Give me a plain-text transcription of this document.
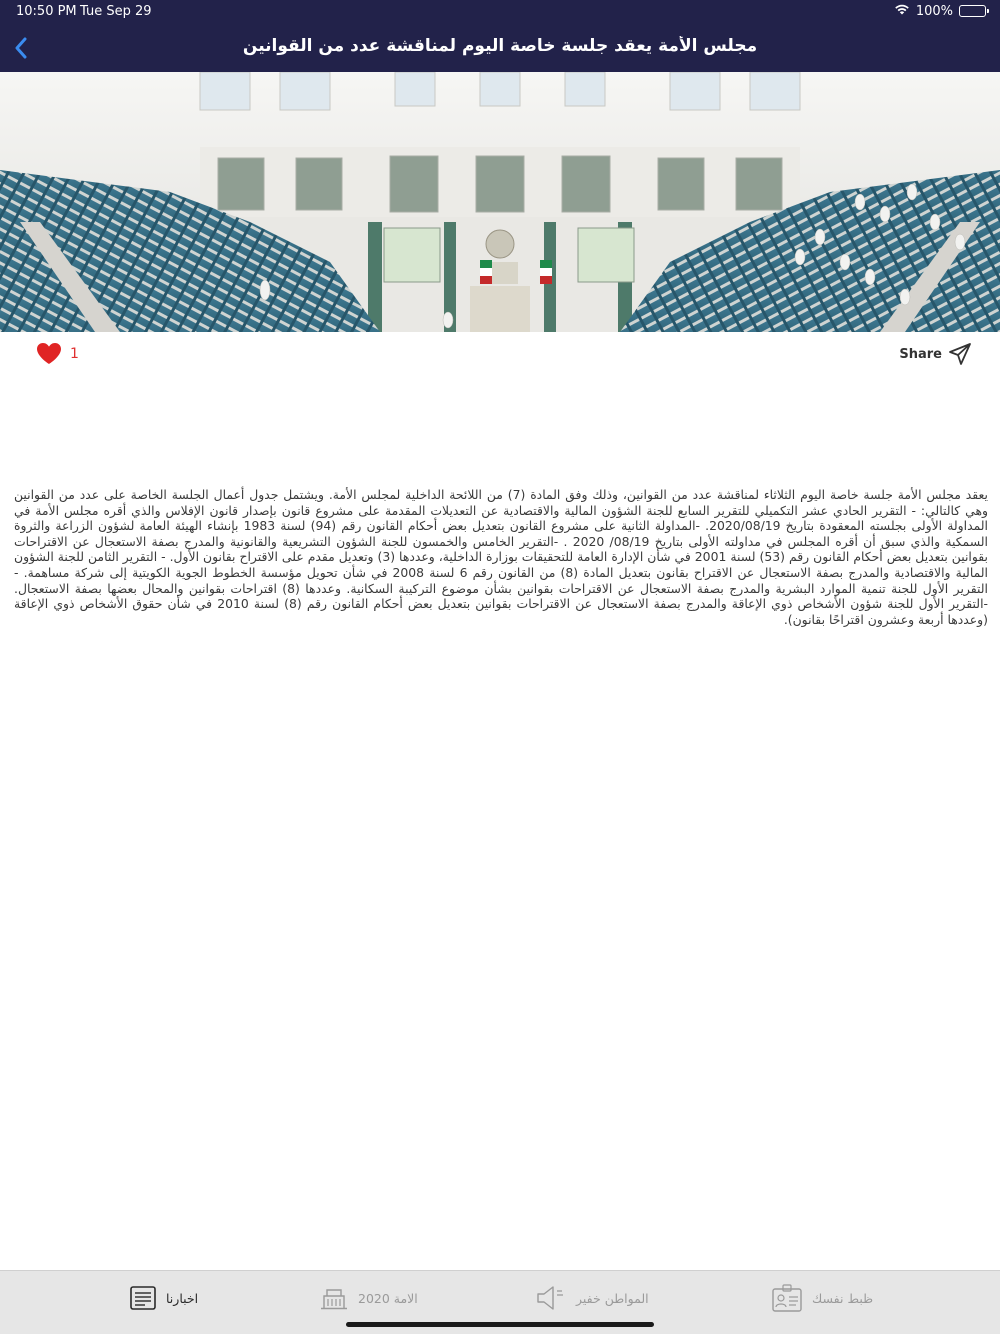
10:50 PM Tue Sep 29	100%
مجلس الأمة يعقد جلسة خاصة اليوم لمناقشة عدد من القوانين
1	Share
يعقد مجلس الأمة جلسة خاصة اليوم الثلاثاء لمناقشة عدد من القوانين، وذلك وفق المادة (7) من اللائحة الداخلية لمجلس الأمة. ويشتمل جدول أعمال الجلسة الخاصة على عدد من القوانين وهي كالتالي: - التقرير الحادي عشر التكميلي للتقرير السابع للجنة الشؤون المالية والاقتصادية عن التعديلات المقدمة على مشروع قانون بإصدار قانون الإفلاس والذي أقره مجلس الأمة في المداولة الأولى بجلسته المعقودة بتاريخ 2020/08/19. -المداولة الثانية على مشروع القانون بتعديل بعض أحكام القانون رقم (94) لسنة 1983 بإنشاء الهيئة العامة لشؤون الزراعة والثروة السمكية والذي سبق أن أقره المجلس في مداولته الأولى بتاريخ 08/19/ 2020 . -التقرير الخامس والخمسون للجنة الشؤون التشريعية والقانونية والمدرج بصفة الاستعجال عن الاقتراحات بقوانين بتعديل بعض أحكام القانون رقم (53) لسنة 2001 في شأن الإدارة العامة للتحقيقات بوزارة الداخلية، وعددها (3) وتعديل مقدم على الاقتراح بقانون الأول. - التقرير الثامن للجنة الشؤون المالية والاقتصادية والمدرج بصفة الاستعجال عن الاقتراح بقانون بتعديل المادة (8) من القانون رقم 6 لسنة 2008 في شأن تحويل مؤسسة الخطوط الجوية الكويتية إلى شركة مساهمة. - التقرير الأول للجنة تنمية الموارد البشرية والمدرج بصفة الاستعجال عن الاقتراحات بقوانين بشأن موضوع التركيبة السكانية. وعددها (8) اقتراحات بقوانين والمحال بعضها بصفة الاستعجال. -التقرير الأول للجنة شؤون الأشخاص ذوي الإعاقة والمدرج بصفة الاستعجال عن الاقتراحات بقوانين بتعديل بعض أحكام القانون رقم (8) لسنة 2010 في شأن حقوق الأشخاص ذوي الإعاقة (وعددها أربعة وعشرون اقتراحًا بقانون).
اخبارنا	الامة 2020	المواطن خفير	ظبط نفسك
